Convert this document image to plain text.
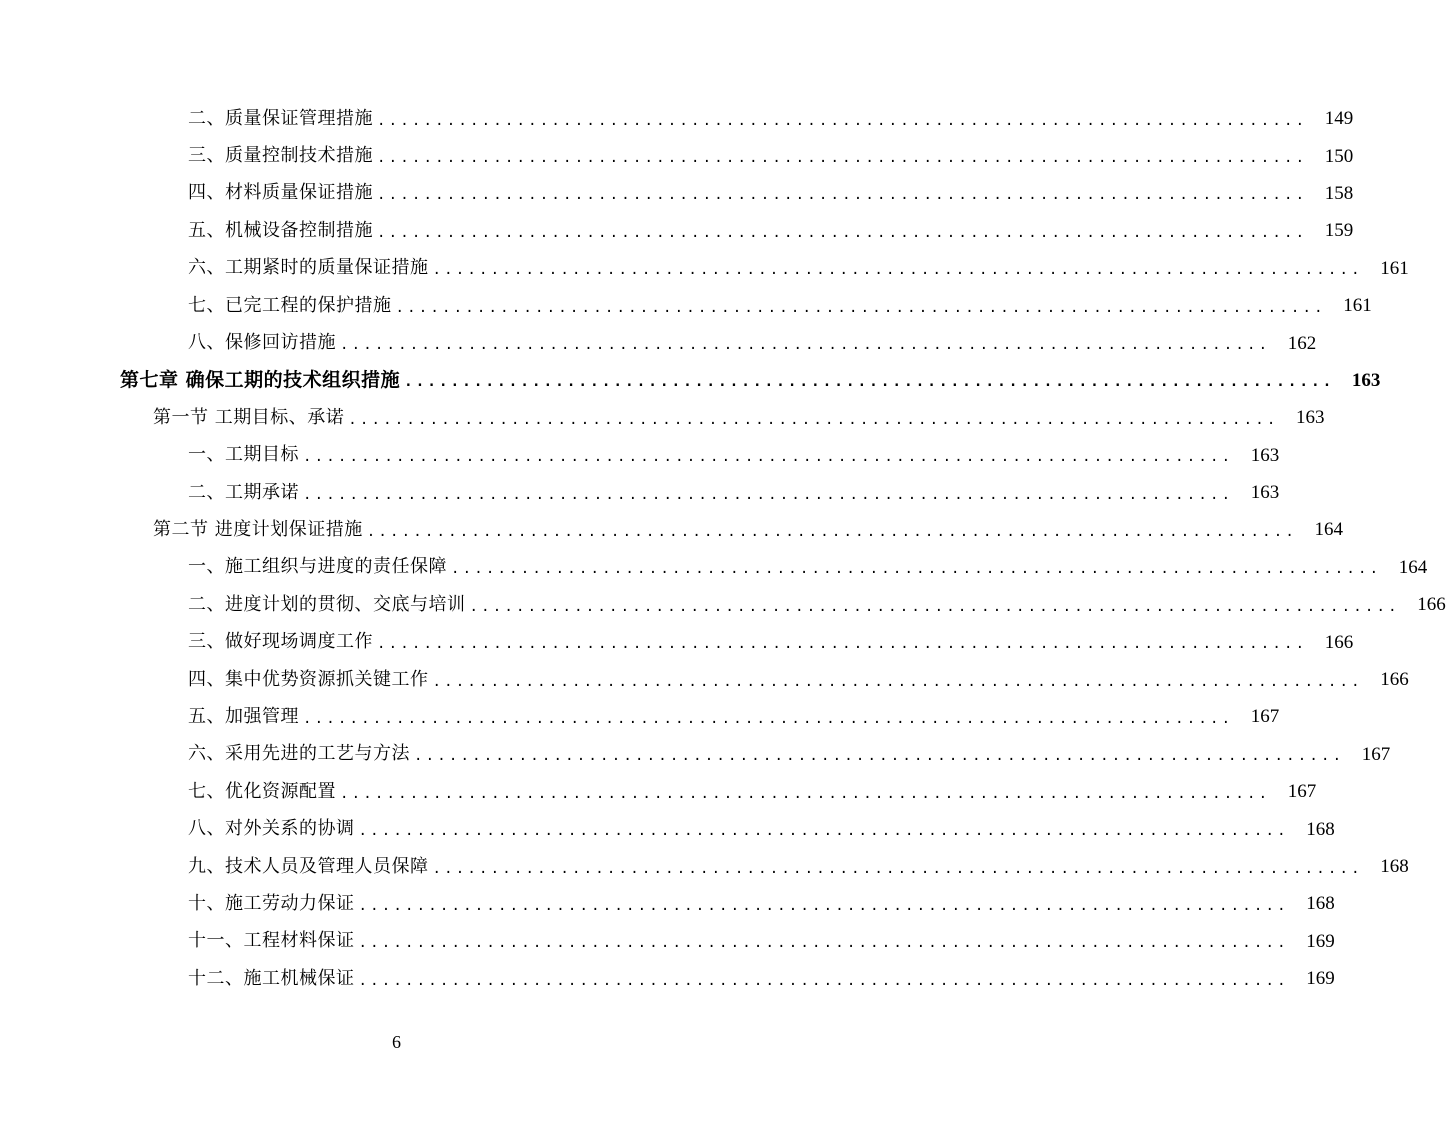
二、质量保证管理措施 ................................................................................ 149
三、质量控制技术措施 ................................................................................ 150
四、材料质量保证措施 ................................................................................ 158
五、机械设备控制措施 ................................................................................ 159
六、工期紧时的质量保证措施 ................................................................................ 161
七、已完工程的保护措施 ................................................................................ 161
八、保修回访措施 ................................................................................ 162
第七章 确保工期的技术组织措施 ................................................................................ 163
第一节 工期目标、承诺 ................................................................................ 163
一、工期目标 ................................................................................ 163
二、工期承诺 ................................................................................ 163
第二节 进度计划保证措施 ................................................................................ 164
一、施工组织与进度的责任保障 ................................................................................ 164
二、进度计划的贯彻、交底与培训 ................................................................................ 166
三、做好现场调度工作 ................................................................................ 166
四、集中优势资源抓关键工作 ................................................................................ 166
五、加强管理 ................................................................................ 167
六、采用先进的工艺与方法 ................................................................................ 167
七、优化资源配置 ................................................................................ 167
八、对外关系的协调 ................................................................................ 168
九、技术人员及管理人员保障 ................................................................................ 168
十、施工劳动力保证 ................................................................................ 168
十一、工程材料保证 ................................................................................ 169
十二、施工机械保证 ................................................................................ 169
6
